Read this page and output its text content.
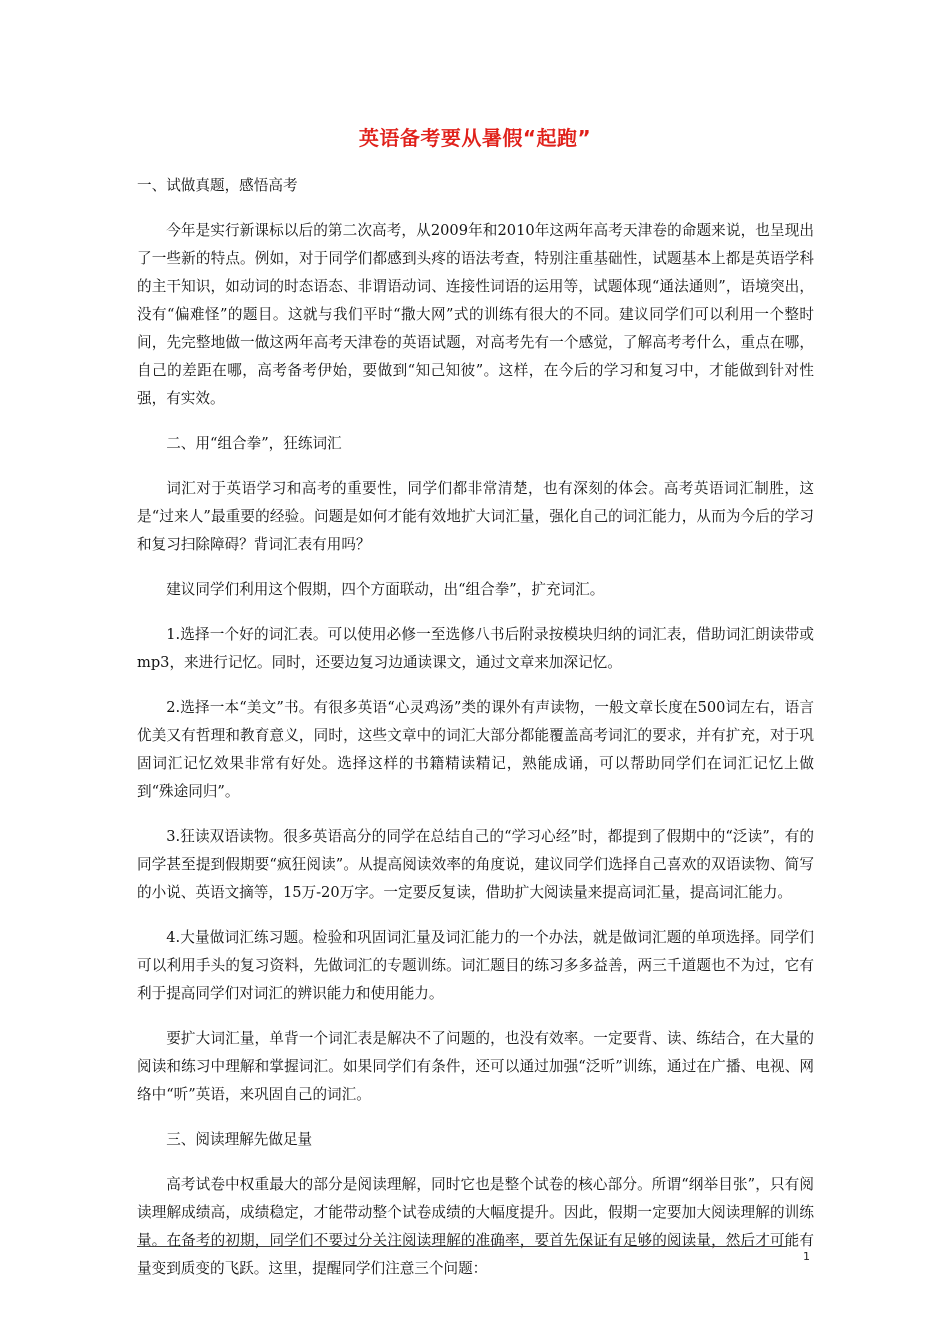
英语备考要从暑假“起跑”
一、试做真题，感悟高考
今年是实行新课标以后的第二次高考，从2009年和2010年这两年高考天津卷的命题来说，也呈现出了一些新的特点。例如，对于同学们都感到头疼的语法考查，特别注重基础性，试题基本上都是英语学科的主干知识，如动词的时态语态、非谓语动词、连接性词语的运用等，试题体现“通法通则”，语境突出，没有“偏难怪”的题目。这就与我们平时“撒大网”式的训练有很大的不同。建议同学们可以利用一个整时间，先完整地做一做这两年高考天津卷的英语试题，对高考先有一个感觉，了解高考考什么，重点在哪，自己的差距在哪，高考备考伊始，要做到“知己知彼”。这样，在今后的学习和复习中，才能做到针对性强，有实效。
二、用“组合拳”，狂练词汇
词汇对于英语学习和高考的重要性，同学们都非常清楚，也有深刻的体会。高考英语词汇制胜，这是“过来人”最重要的经验。问题是如何才能有效地扩大词汇量，强化自己的词汇能力，从而为今后的学习和复习扫除障碍？背词汇表有用吗？
建议同学们利用这个假期，四个方面联动，出“组合拳”，扩充词汇。
1.选择一个好的词汇表。可以使用必修一至选修八书后附录按模块归纳的词汇表，借助词汇朗读带或mp3，来进行记忆。同时，还要边复习边通读课文，通过文章来加深记忆。
2.选择一本“美文”书。有很多英语“心灵鸡汤”类的课外有声读物，一般文章长度在500词左右，语言优美又有哲理和教育意义，同时，这些文章中的词汇大部分都能覆盖高考词汇的要求，并有扩充，对于巩固词汇记忆效果非常有好处。选择这样的书籍精读精记，熟能成诵，可以帮助同学们在词汇记忆上做到“殊途同归”。
3.狂读双语读物。很多英语高分的同学在总结自己的“学习心经”时，都提到了假期中的“泛读”，有的同学甚至提到假期要“疯狂阅读”。从提高阅读效率的角度说，建议同学们选择自己喜欢的双语读物、简写的小说、英语文摘等，15万-20万字。一定要反复读，借助扩大阅读量来提高词汇量，提高词汇能力。
4.大量做词汇练习题。检验和巩固词汇量及词汇能力的一个办法，就是做词汇题的单项选择。同学们可以利用手头的复习资料，先做词汇的专题训练。词汇题目的练习多多益善，两三千道题也不为过，它有利于提高同学们对词汇的辨识能力和使用能力。
要扩大词汇量，单背一个词汇表是解决不了问题的，也没有效率。一定要背、读、练结合，在大量的阅读和练习中理解和掌握词汇。如果同学们有条件，还可以通过加强“泛听”训练，通过在广播、电视、网络中“听”英语，来巩固自己的词汇。
三、阅读理解先做足量
高考试卷中权重最大的部分是阅读理解，同时它也是整个试卷的核心部分。所谓“纲举目张”，只有阅读理解成绩高，成绩稳定，才能带动整个试卷成绩的大幅度提升。因此，假期一定要加大阅读理解的训练量。在备考的初期，同学们不要过分关注阅读理解的准确率，要首先保证有足够的阅读量，然后才可能有量变到质变的飞跃。这里，提醒同学们注意三个问题：
1
